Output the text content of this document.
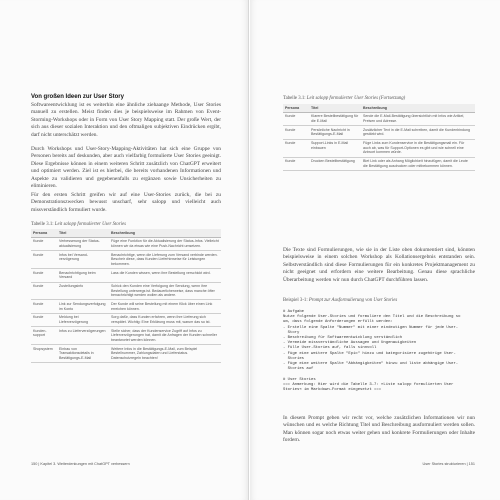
Von großen Ideen zur User Story

Softwareentwicklung ist es weiterhin eine ähnliche ziehaange Methode, User Stories manuell zu erstellen. Meist finden dies je beispielsweise im Rahmen von Event-Storming-Workshops oder in Form von User Story Mapping statt. Der große Wert, der sich aus dieser sozialen Interaktion und den oftmaligen subjektiven Eindrücken ergibt, darf nicht unterschätzt werden.

Durch Workshops und User-Story-Mapping-Aktivitäten hat sich eine Gruppe von Personen bereits auf deskunden, aber auch vielfarbig formulierte User Stories geeinigt. Diese Ergebnisse können in einem weiteren Schritt zusätzlich von ChatGPT erweitert und optimiert werden. Ziel ist es hierbei, die bereits vorhandenen Informationen und Aspekte zu validieren und gegebenenfalls zu ergänzen sowie Unsicherheiten zu eliminieren.

Für den ersten Schritt greifen wir auf eine User-Stories zurück, die bei zu Demonstrationszwecken bewusst unscharf, sehr salopp und vielleicht auch missverständlich formuliert wurde.

Tabelle 3.1: Leit salopp formulierter User Stories
Persona	Titel	Beschreibung
Kunde	Verbesserung der Status-aktualisierung	Füge eine Funktion für die Aktualisierung der Status-Infos. Vielleicht können wir da etwas wie eine Push-Nachricht umsetzen.
Kunde	Infos bei Versand-verzögerung	Benachrichtige, wenn die Lieferung zum Versand verbinde werden. Bescheir diese, dass Kunden Lieferhinweise für Leistungen bekommen.
Kunde	Benachrichtigung beim Versand	Lass die Kunden wissen, wenn ihre Bestellung verschickt wird.
Kunde	Zustellungsinfo	Schick den Kunden eine Verfolgung der Sendung, wenn ihre Bestellung unterwegs ist. Bedauerlicherweise, dass manche öfter benachrichtigt werden wollen als andere.
Kunde	Link zur Sendungsverfolgung im Konto	Der Kunde will seine Bestellung mit einem Klick über einen Link erreichen können.
Kunde	Meldung bei Lieferverzögerung	Sorg dafür, dass Kunden erfahren, wenn ihre Lieferung sich verspätet. Wichtig: Eine Erklärung muss mit, warum das so ist.
Kunden-support	Infos zu Lieferverzögerungen	Stelle sicher, dass der Kundenservice Zugriff auf Infos zu Lieferverzögerungen hat, damit die Anfragen der Kunden schneller beantwortet werden können.
Shopsystem	Einbau von Transaktionsdetails in Bestätigungs-E-Mail	Weitere Infos in die Bestätigungs-E-Mail, zum Beispiel Bestellnummer, Zahlungsdaten und Lieferstatus. Datenschutzregeln beachten!
150 | Kapitel 3. Weiterdenkungen mit ChatGPT verbessern
Tabelle 3.1: Leit salopp formulierter User Stories (Fortsetzung)
Persona	Titel	Beschreibung
Kunde	Klarere Bestellbestätigung für die E-Mail	Sende die E-Mail-Bestätigung übersichtlich mit Infos wie Artikel, Preisen und Adresse.
Kunde	Persönliche Nachricht in Bestätigungs-E-Mail	Zusätzlicher Text in die E-Mail schreiben, damit die Kundenbindung gestärkt wird.
Kunde	Support-Links in E-Mail einbauen	Füge Links zum Kundenservice in die Bestätigungsmail ein. Für auch ab, was für Support-Optionen es gibt und wie schnell eine Antwort kommen würde.
Kunde	Drucken Bestellbestätigung	Biet Link oder als Anhang Möglichkeit hinzufügen, damit die Leute die Bestätigung ausdrucken oder mitbekommen können.

Die Texte sind Formulierungen, wie sie in der Liste oben dokumentiert sind, könnten beispielsweise in einem solchen Workshop als Kollationsergebnis entstanden sein. Selbstverständlich sind diese Formulierungen für ein konkretes Projektmanagement zu nicht geeignet und erfordern eine weitere Bearbeitung. Genau diese sprachliche Überarbeitung werden wir nun durch ChatGPT durchführen lassen.

Beispiel 3-1: Prompt zur Ausformulierung von User Stories
# Aufgabe
Nutze folgende User-Stories und formuliere den Titel und die Beschreibung so
um, dass folgende Anforderungen erfüllt werden:
- Erstelle eine Spalte "Nummer" mit einer eindeutigen Nummer für jede User-
Story
- Beschreibung für Softwareentwicklung verständlich
- Vermeide missverständliche Aussagen und Ungenauigkeiten
- Fülle User-Stories auf, falls sinnvoll
- Füge eine weitere Spalte "Epic" hinzu und kategorisiere zugehörige User-
Stories
- Füge eine weitere Spalte "Abhängigkeiten" hinzu und liste abhängige User-
Stories auf

# User Stories
=== Anmerkung: Hier wird die Tabelle 3-7: »Liste salopp formulierten User
Stories« im Markdown-Format eingesetzt ===

In diesem Prompt geben wir recht vor, welche zusätzlichen Informationen wir nun wünschen und es welche Richtung Titel und Beschreibung ausformuliert werden sollen. Man können sogar noch etwas weiter gehen und konkrete Formulierungen oder Inhalte fordern.

User Stories strukturieren | 151
